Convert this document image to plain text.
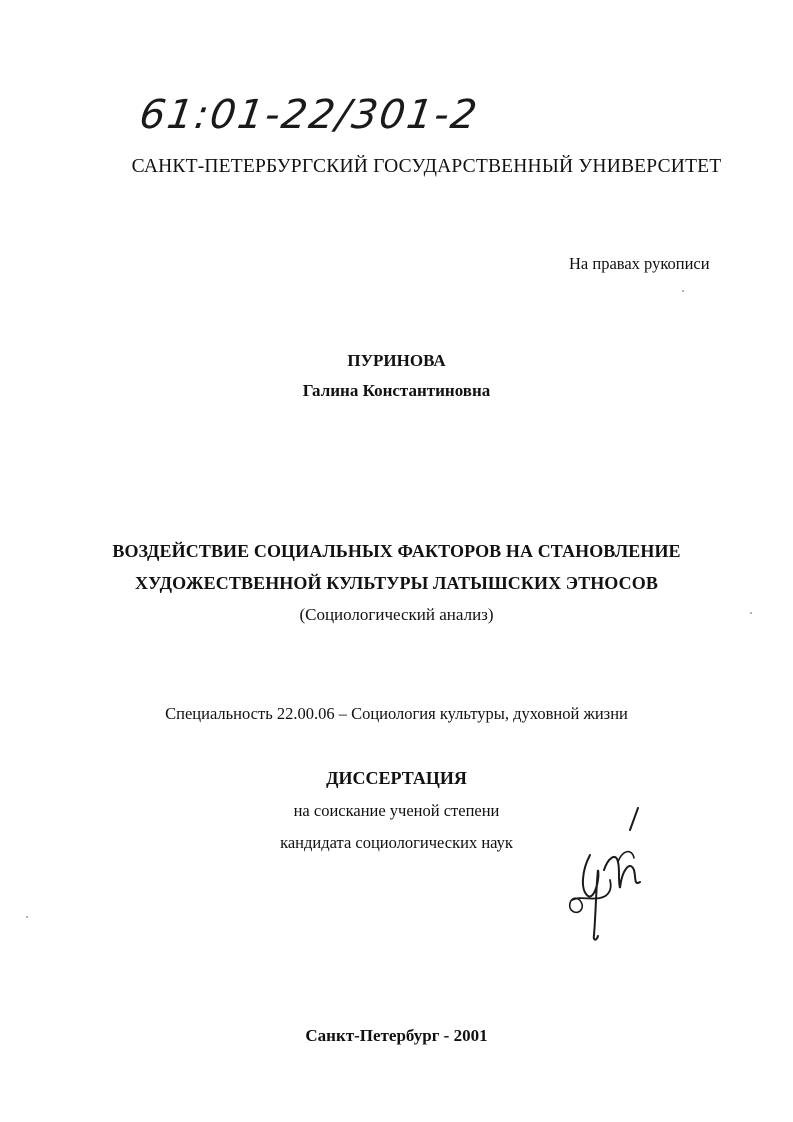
61:01-22/301-2
САНКТ-ПЕТЕРБУРГСКИЙ ГОСУДАРСТВЕННЫЙ УНИВЕРСИТЕТ
На правах рукописи
ПУРИНОВА
Галина Константиновна
ВОЗДЕЙСТВИЕ СОЦИАЛЬНЫХ ФАКТОРОВ НА СТАНОВЛЕНИЕ
ХУДОЖЕСТВЕННОЙ КУЛЬТУРЫ ЛАТЫШСКИХ ЭТНОСОВ
(Социологический анализ)
Специальность 22.00.06 – Социология культуры, духовной жизни
ДИССЕРТАЦИЯ
на соискание ученой степени
кандидата социологических наук
Санкт-Петербург - 2001
